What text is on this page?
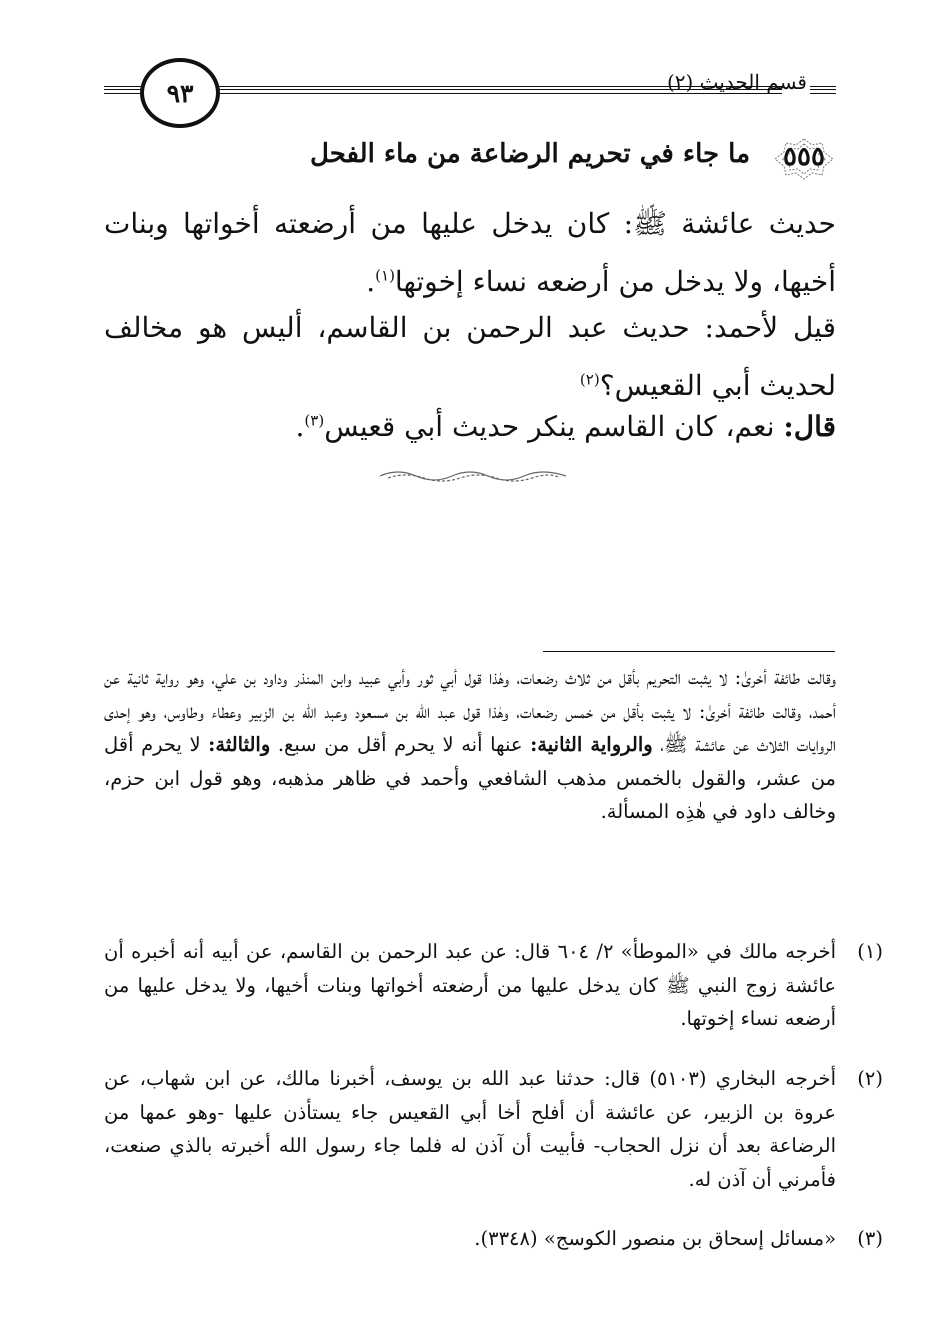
٩٣	قسم الحديث (٢)
٥٥٥
ما جاء في تحريم الرضاعة من ماء الفحل
حديث عائشة ﷺ: كان يدخل عليها من أرضعته أخواتها وبنات أخيها، ولا يدخل من أرضعه نساء إخوتها$^{(١)}$.
قيل لأحمد: حديث عبد الرحمن بن القاسم، أليس هو مخالف لحديث أبي القعيس؟$^{(٢)}$
قال: نعم، كان القاسم ينكر حديث أبي قعيس$^{(٣)}$.
وقالت طائفة أخرىٰ: لا يثبت التحريم بأقل من ثلاث رضعات، وهٰذا قول أبي ثور وأبي عبيد وابن المنذر وداود بن علي، وهو رواية ثانية عن أحمد، وقالت طائفة أخرىٰ: لا يثبت بأقل من خمس رضعات، وهٰذا قول عبد الله بن مسعود وعبد الله بن الزبير وعطاء وطاوس، وهو إحدى الروايات الثلاث عن عائشة ﷺ، والرواية الثانية: عنها أنه لا يحرم أقل من سبع. والثالثة: لا يحرم أقل من عشر، والقول بالخمس مذهب الشافعي وأحمد في ظاهر مذهبه، وهو قول ابن حزم، وخالف داود في هٰذِه المسألة.
(١)أخرجه مالك في «الموطأ» ٢/ ٦٠٤ قال: عن عبد الرحمن بن القاسم، عن أبيه أنه أخبره أن عائشة زوج النبي ﷺ كان يدخل عليها من أرضعته أخواتها وبنات أخيها، ولا يدخل عليها من أرضعه نساء إخوتها.
(٢)أخرجه البخاري (٥١٠٣) قال: حدثنا عبد الله بن يوسف، أخبرنا مالك، عن ابن شهاب، عن عروة بن الزبير، عن عائشة أن أفلح أخا أبي القعيس جاء يستأذن عليها -وهو عمها من الرضاعة بعد أن نزل الحجاب- فأبيت أن آذن له فلما جاء رسول الله أخبرته بالذي صنعت، فأمرني أن آذن له.
(٣)«مسائل إسحاق بن منصور الكوسج» (٣٣٤٨).
